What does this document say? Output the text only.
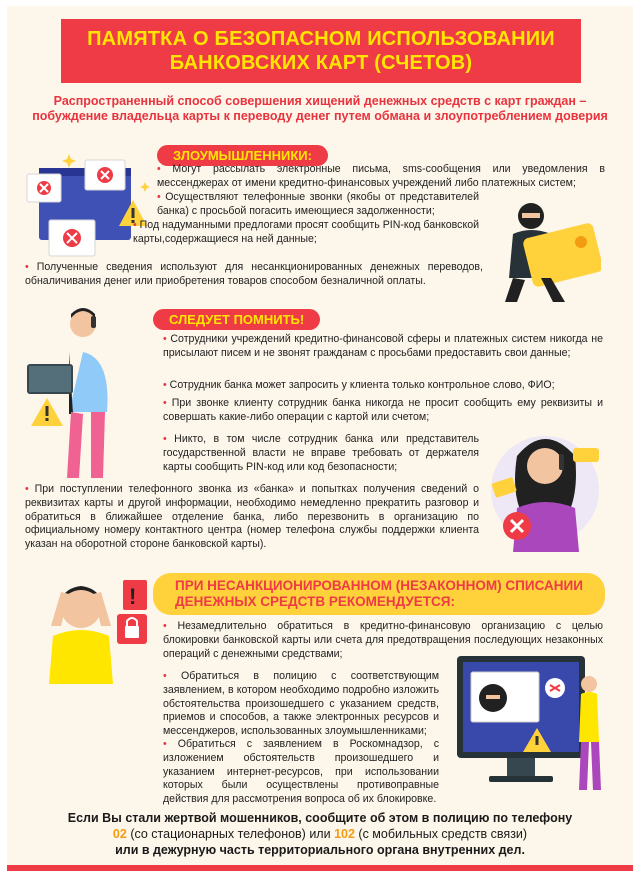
ПАМЯТКА О БЕЗОПАСНОМ ИСПОЛЬЗОВАНИИ
БАНКОВСКИХ КАРТ (СЧЕТОВ)
Распространенный способ совершения хищений денежных средств с карт граждан –
побуждение владельца карты к переводу денег путем обмана и злоупотреблением доверия
ЗЛОУМЫШЛЕННИКИ:

• Могут рассылать электронные письма, sms-сообщения или уведомления в мессенджерах от имени кредитно-финансовых учреждений либо платежных систем;

• Осуществляют телефонные звонки (якобы от представителей банка) с просьбой погасить имеющиеся задолженности;

• Под надуманными предлогами просят сообщить PIN-код банковской карты,содержащиеся на ней данные;

• Полученные сведения используют для несанкционированных денежных переводов, обналичивания денег или приобретения товаров способом безналичной оплаты.

СЛЕДУЕТ ПОМНИТЬ!

• Сотрудники учреждений кредитно-финансовой сферы и платежных систем никогда не присылают писем и не звонят гражданам с просьбами предоставить свои данные;

• Сотрудник банка может запросить у клиента только контрольное слово, ФИО;

• При звонке клиенту сотрудник банка никогда не просит сообщить ему реквизиты и совершать какие-либо операции с картой или счетом;

• Никто, в том числе сотрудник банка или представитель государственной власти не вправе требовать от держателя карты сообщить PIN-код или код безопасности;

• При поступлении телефонного звонка из «банка» и попытках получения сведений о реквизитах карты и другой информации, необходимо немедленно прекратить разговор и обратиться в ближайшее отделение банка, либо перезвонить в организацию по официальному номеру контактного центра (номер телефона службы поддержки клиента указан на оборотной стороне банковской карты).

!	ПРИ НЕСАНКЦИОНИРОВАННОМ (НЕЗАКОННОМ) СПИСАНИИ
ДЕНЕЖНЫХ СРЕДСТВ РЕКОМЕНДУЕТСЯ:

• Незамедлительно обратиться в кредитно-финансовую организацию с целью блокировки банковской карты или счета для предотвращения последующих незаконных операций с денежными средствами;

• Обратиться в полицию с соответствующим заявлением, в котором необходимо подробно изложить обстоятельства произошедшего с указанием средств, приемов и способов, а также электронных ресурсов и мессенджеров, использованных злоумышленниками;

• Обратиться с заявлением в Роскомнадзор, с изложением обстоятельств произошедшего и указанием интернет-ресурсов, при использовании которых были осуществлены противоправные действия для рассмотрения вопроса об их блокировке.

Если Вы стали жертвой мошенников, сообщите об этом в полицию по телефону
02 (со стационарных телефонов) или 102 (с мобильных средств связи)
или в дежурную часть территориального органа внутренних дел.
